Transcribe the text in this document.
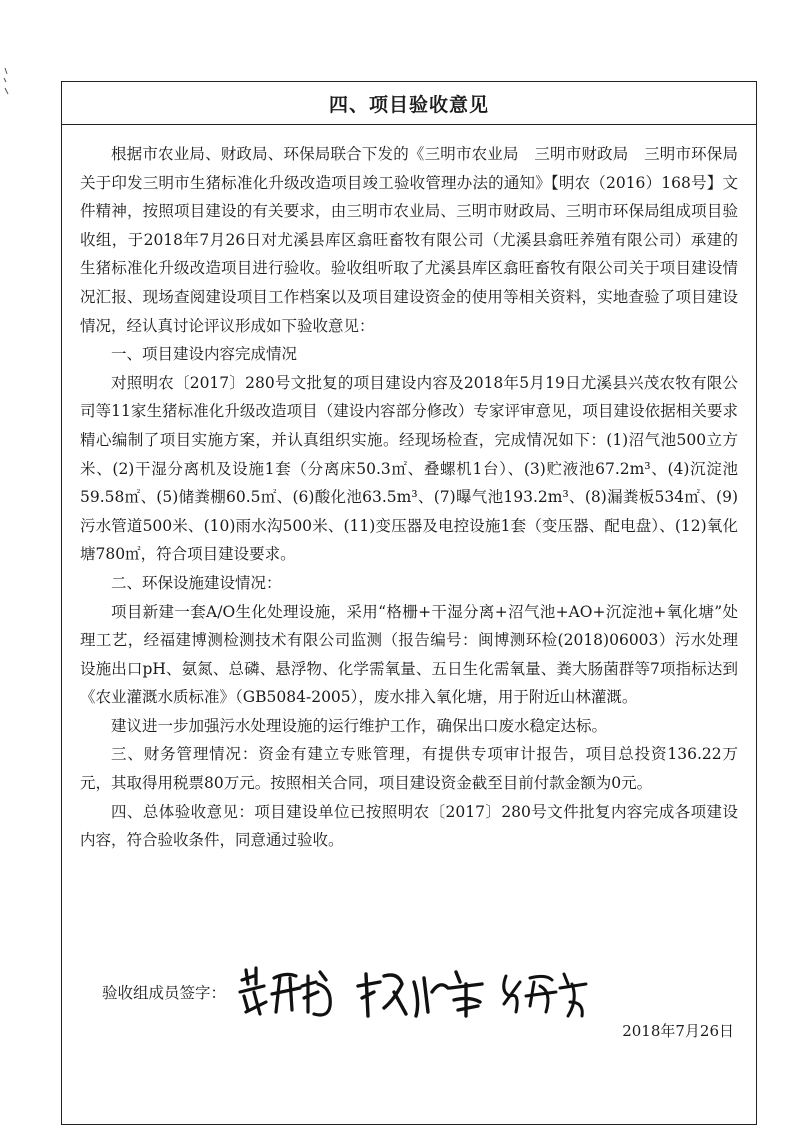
四、项目验收意见

根据市农业局、财政局、环保局联合下发的《三明市农业局　三明市财政局　三明市环保局关于印发三明市生猪标准化升级改造项目竣工验收管理办法的通知》【明农（2016）168号】文件精神，按照项目建设的有关要求，由三明市农业局、三明市财政局、三明市环保局组成项目验收组，于2018年7月26日对尤溪县库区翕旺畜牧有限公司（尤溪县翕旺养殖有限公司）承建的生猪标准化升级改造项目进行验收。验收组听取了尤溪县库区翕旺畜牧有限公司关于项目建设情况汇报、现场查阅建设项目工作档案以及项目建设资金的使用等相关资料，实地查验了项目建设情况，经认真讨论评议形成如下验收意见：

一、项目建设内容完成情况

对照明农〔2017〕280号文批复的项目建设内容及2018年5月19日尤溪县兴茂农牧有限公司等11家生猪标准化升级改造项目（建设内容部分修改）专家评审意见，项目建设依据相关要求精心编制了项目实施方案，并认真组织实施。经现场检查，完成情况如下：(1)沼气池500立方米、(2)干湿分离机及设施1套（分离床50.3㎡、叠螺机1台）、(3)贮液池67.2m³、(4)沉淀池59.58㎡、(5)储粪棚60.5㎡、(6)酸化池63.5m³、(7)曝气池193.2m³、(8)漏粪板534㎡、(9)污水管道500米、(10)雨水沟500米、(11)变压器及电控设施1套（变压器、配电盘）、(12)氧化塘780㎡，符合项目建设要求。

二、环保设施建设情况：

项目新建一套A/O生化处理设施，采用“格栅+干湿分离+沼气池+AO+沉淀池+氧化塘”处理工艺，经福建博测检测技术有限公司监测（报告编号：闽博测环检(2018)06003）污水处理设施出口pH、氨氮、总磷、悬浮物、化学需氧量、五日生化需氧量、粪大肠菌群等7项指标达到《农业灌溉水质标准》（GB5084-2005），废水排入氧化塘，用于附近山林灌溉。

建议进一步加强污水处理设施的运行维护工作，确保出口废水稳定达标。

三、财务管理情况：资金有建立专账管理，有提供专项审计报告，项目总投资136.22万元，其取得用税票80万元。按照相关合同，项目建设资金截至目前付款金额为0元。

四、总体验收意见：项目建设单位已按照明农〔2017〕280号文件批复内容完成各项建设内容，符合验收条件，同意通过验收。

验收组成员签字：
2018年7月26日
